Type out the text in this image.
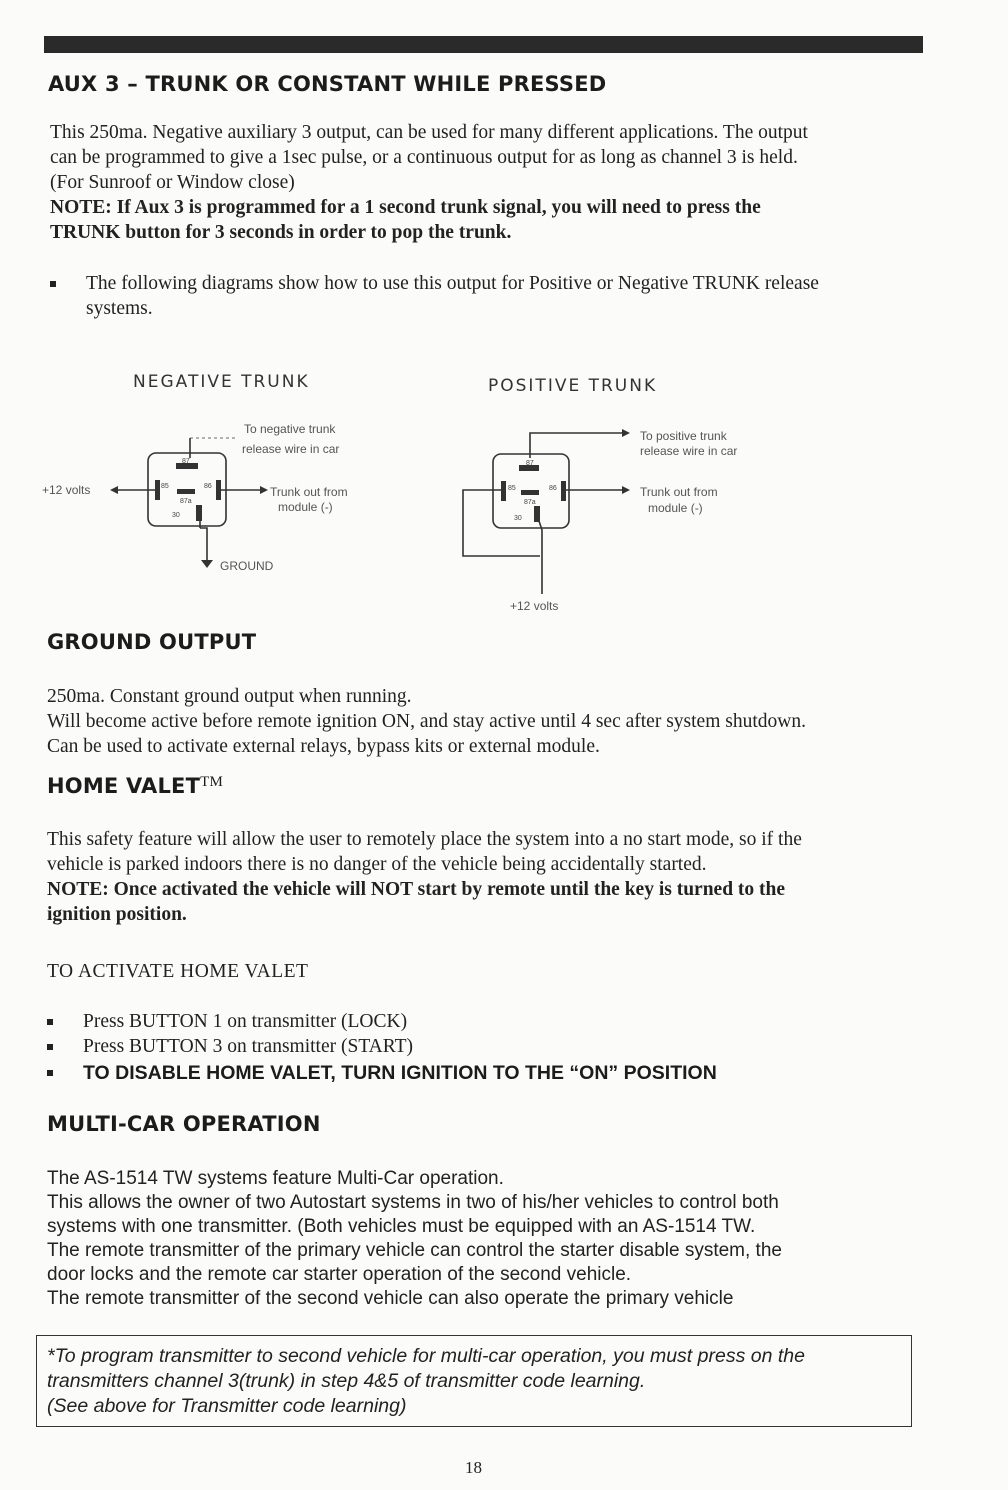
AUX 3 – TRUNK OR CONSTANT WHILE PRESSED

This 250ma. Negative auxiliary 3 output, can be used for many different applications. The output

can be programmed to give a 1sec pulse, or a continuous output for as long as channel 3 is held.

(For Sunroof or Window close)

NOTE: If Aux 3 is programmed for a 1 second trunk signal, you will need to press the

TRUNK button for 3 seconds in order to pop the trunk.

The following diagrams show how to use this output for Positive or Negative TRUNK release
systems.
NEGATIVE TRUNK	POSITIVE TRUNK
To negative trunk
release wire in car
+12 volts	Trunk out from
module (-)
GROUND
87
85
87a
86
30
To positive trunk
release wire in car
Trunk out from
module (-)
+12 volts
87
85
87a
86
30
GROUND OUTPUT

250ma. Constant ground output when running.

Will become active before remote ignition ON, and stay active until 4 sec after system shutdown.

Can be used to activate external relays, bypass kits or external module.

HOME VALET™

This safety feature will allow the user to remotely place the system into a no start mode, so if the

vehicle is parked indoors there is no danger of the vehicle being accidentally started.

NOTE: Once activated the vehicle will NOT start by remote until the key is turned to the

ignition position.

TO ACTIVATE HOME VALET
Press BUTTON 1 on transmitter (LOCK)
Press BUTTON 3 on transmitter (START)
TO DISABLE HOME VALET, TURN IGNITION TO THE “ON” POSITION
MULTI-CAR OPERATION

The AS-1514 TW systems feature Multi-Car operation.

This allows the owner of two Autostart systems in two of his/her vehicles to control both

systems with one transmitter. (Both vehicles must be equipped with an AS-1514 TW.

The remote transmitter of the primary vehicle can control the starter disable system, the

door locks and the remote car starter operation of the second vehicle.

The remote transmitter of the second vehicle can also operate the primary vehicle

*To program transmitter to second vehicle for multi-car operation, you must press on the
transmitters channel 3(trunk) in step 4&5 of transmitter code learning.
(See above for Transmitter code learning)
18
